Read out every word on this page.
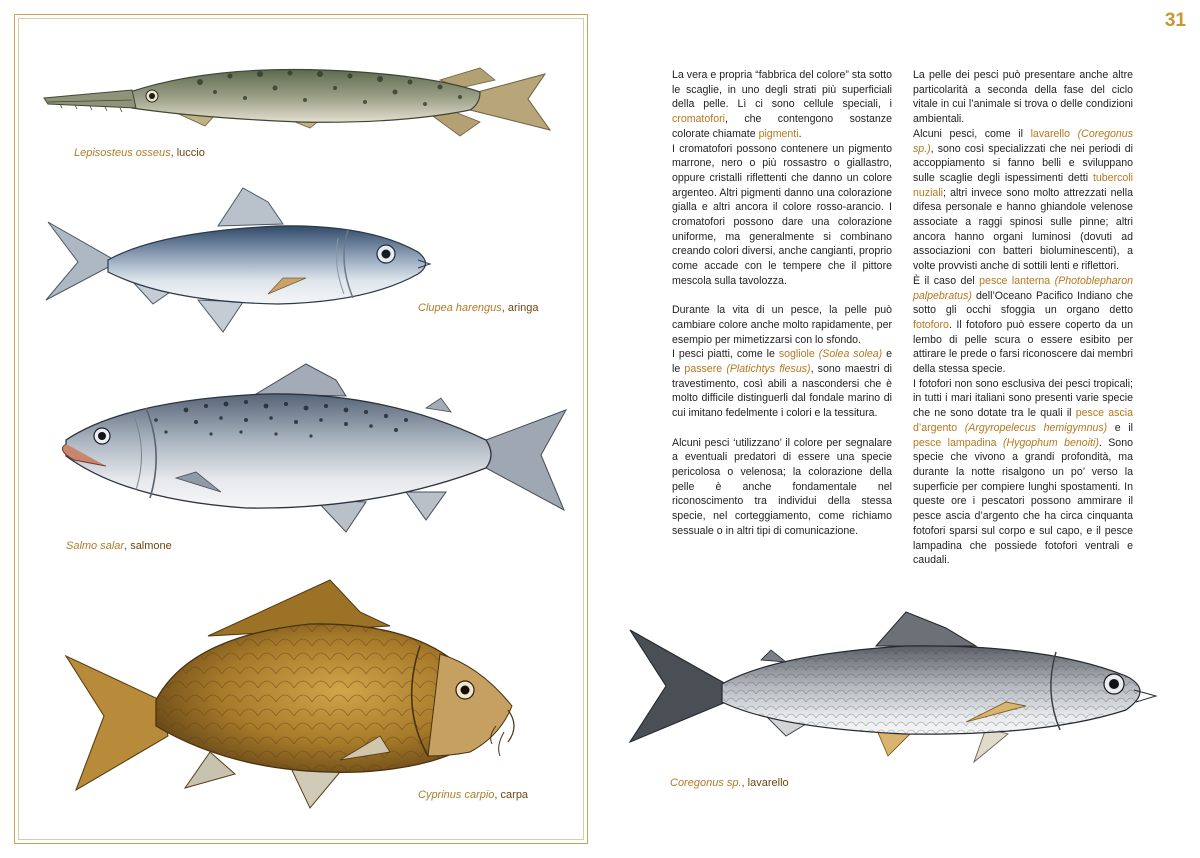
Lepisosteus osseus, luccio
Clupea harengus, aringa
Salmo salar, salmone
Cyprinus carpio, carpa
31

La vera e propria “fabbrica del colore” sta sotto le scaglie, in uno degli strati più superficiali della pelle. Lì ci sono cellule speciali, i cromatofori, che contengono sostanze colorate chiamate pigmenti.

I cromatofori possono contenere un pigmento marrone, nero o più rossastro o giallastro, oppure cristalli riflettenti che danno un colore argenteo. Altri pigmenti danno una colorazione gialla e altri ancora il colore rosso-arancio. I cromatofori possono dare una colorazione uniforme, ma generalmente si combinano creando colori diversi, anche cangianti, proprio come accade con le tempere che il pittore mescola sulla tavolozza.

Durante la vita di un pesce, la pelle può cambiare colore anche molto rapidamente, per esempio per mimetizzarsi con lo sfondo.

I pesci piatti, come le sogliole (Solea solea) e le passere (Platichtys flesus), sono maestri di travestimento, così abili a nascondersi che è molto difficile distinguerli dal fondale marino di cui imitano fedelmente i colori e la tessitura.

Alcuni pesci ‘utilizzano’ il colore per segnalare a eventuali predatori di essere una specie pericolosa o velenosa; la colorazione della pelle è anche fondamentale nel riconoscimento tra individui della stessa specie, nel corteggiamento, come richiamo sessuale o in altri tipi di comunicazione.

La pelle dei pesci può presentare anche altre particolarità a seconda della fase del ciclo vitale in cui l’animale si trova o delle condizioni ambientali.

Alcuni pesci, come il lavarello (Coregonus sp.), sono così specializzati che nei periodi di accoppiamento si fanno belli e sviluppano sulle scaglie degli ispessimenti detti tubercoli nuziali; altri invece sono molto attrezzati nella difesa personale e hanno ghiandole velenose associate a raggi spinosi sulle pinne; altri ancora hanno organi luminosi (dovuti ad associazioni con batteri bioluminescenti), a volte provvisti anche di sottili lenti e riflettori.

È il caso del pesce lanterna (Photoblepharon palpebratus) dell’Oceano Pacifico Indiano che sotto gli occhi sfoggia un organo detto fotoforo. Il fotoforo può essere coperto da un lembo di pelle scura o essere esibito per attirare le prede o farsi riconoscere dai membri della stessa specie.

I fotofori non sono esclusiva dei pesci tropicali; in tutti i mari italiani sono presenti varie specie che ne sono dotate tra le quali il pesce ascia d’argento (Argyropelecus hemigymnus) e il pesce lampadina (Hygophum benoiti). Sono specie che vivono a grandi profondità, ma durante la notte risalgono un po’ verso la superficie per compiere lunghi spostamenti. In queste ore i pescatori possono ammirare il pesce ascia d’argento che ha circa cinquanta fotofori sparsi sul corpo e sul capo, e il pesce lampadina che possiede fotofori ventrali e caudali.

Coregonus sp., lavarello
